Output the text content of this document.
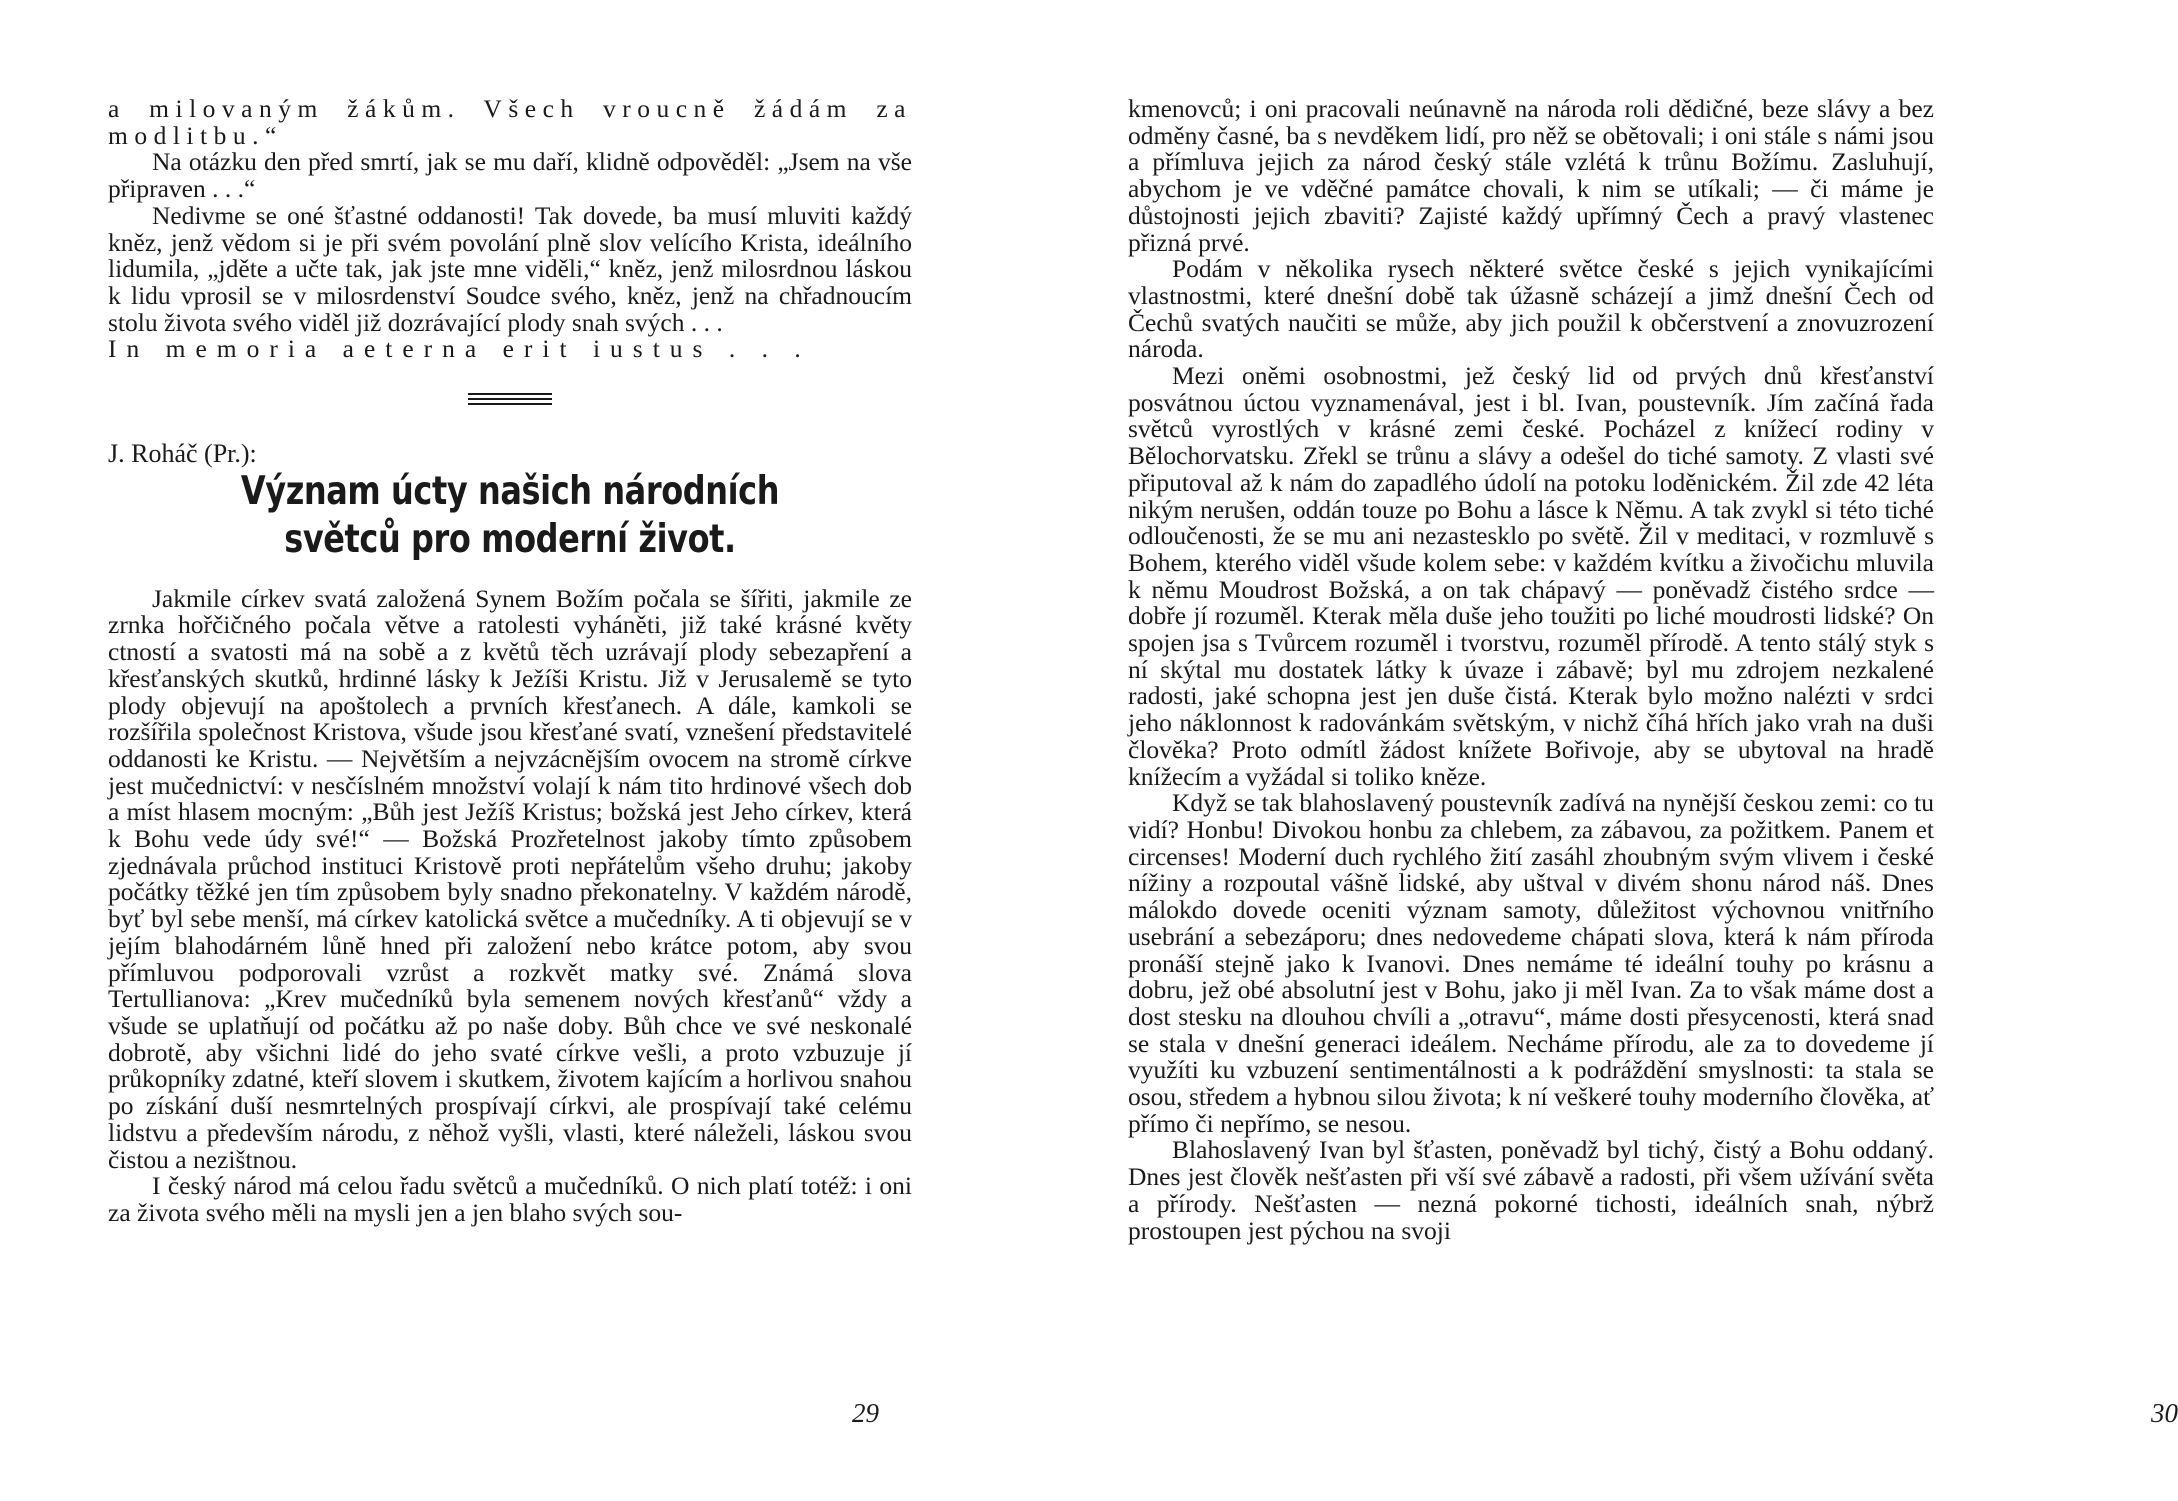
a milovaným žákům. Všech vroucně žádám za modlitbu.“

Na otázku den před smrtí, jak se mu daří, klidně odpověděl: „Jsem na vše připraven . . .“

Nedivme se oné šťastné oddanosti! Tak dovede, ba musí mluviti každý kněz, jenž vědom si je při svém povolání plně slov velícího Krista, ideálního lidumila, „jděte a učte tak, jak jste mne viděli,“ kněz, jenž milosrdnou láskou k lidu vprosil se v milosrdenství Soudce svého, kněz, jenž na chřadnoucím stolu života svého viděl již dozrávající plody snah svých . . .

In memoria aeterna erit iustus . . .

J. Roháč (Pr.):

Význam úcty našich národních světců pro moderní život.

Jakmile církev svatá založená Synem Božím počala se šířiti, jakmile ze zrnka hořčičného počala větve a ratolesti vyháněti, již také krásné květy ctností a svatosti má na sobě a z květů těch uzrávají plody sebezapření a křesťanských skutků, hrdinné lásky k Ježíši Kristu. Již v Jerusalemě se tyto plody objevují na apoštolech a prvních křesťanech. A dále, kamkoli se rozšířila společnost Kristova, všude jsou křesťané svatí, vznešení představitelé oddanosti ke Kristu. — Největším a nejvzácnějším ovocem na stromě církve jest mučednictví: v nesčíslném množství volají k nám tito hrdinové všech dob a míst hlasem mocným: „Bůh jest Ježíš Kristus; božská jest Jeho církev, která k Bohu vede údy své!“ — Božská Prozřetelnost jakoby tímto způsobem zjednávala průchod instituci Kristově proti nepřátelům všeho druhu; jakoby počátky těžké jen tím způsobem byly snadno překonatelny. V každém národě, byť byl sebe menší, má církev katolická světce a mučedníky. A ti objevují se v jejím blahodárném lůně hned při založení nebo krátce potom, aby svou přímluvou podporovali vzrůst a rozkvět matky své. Známá slova Tertullianova: „Krev mučedníků byla semenem nových křesťanů“ vždy a všude se uplatňují od počátku až po naše doby. Bůh chce ve své neskonalé dobrotě, aby všichni lidé do jeho svaté církve vešli, a proto vzbuzuje jí průkopníky zdatné, kteří slovem i skutkem, životem kajícím a horlivou snahou po získání duší nesmrtelných prospívají církvi, ale prospívají také celému lidstvu a především národu, z něhož vyšli, vlasti, které náleželi, láskou svou čistou a nezištnou.

I český národ má celou řadu světců a mučedníků. O nich platí totéž: i oni za života svého měli na mysli jen a jen blaho svých sou-

29

kmenovců; i oni pracovali neúnavně na národa roli dědičné, beze slávy a bez odměny časné, ba s nevděkem lidí, pro něž se obětovali; i oni stále s námi jsou a přímluva jejich za národ český stále vzlétá k trůnu Božímu. Zasluhují, abychom je ve vděčné památce chovali, k nim se utíkali; — či máme je důstojnosti jejich zbaviti? Zajisté každý upřímný Čech a pravý vlastenec přizná prvé.

Podám v několika rysech některé světce české s jejich vynikajícími vlastnostmi, které dnešní době tak úžasně scházejí a jimž dnešní Čech od Čechů svatých naučiti se může, aby jich použil k občerstvení a znovuzrození národa.

Mezi oněmi osobnostmi, jež český lid od prvých dnů křesťanství posvátnou úctou vyznamenával, jest i bl. Ivan, poustevník. Jím začíná řada světců vyrostlých v krásné zemi české. Pocházel z knížecí rodiny v Bělochorvatsku. Zřekl se trůnu a slávy a odešel do tiché samoty. Z vlasti své připutoval až k nám do zapadlého údolí na potoku loděnickém. Žil zde 42 léta nikým nerušen, oddán touze po Bohu a lásce k Němu. A tak zvykl si této tiché odloučenosti, že se mu ani nezastesklo po světě. Žil v meditaci, v rozmluvě s Bohem, kterého viděl všude kolem sebe: v každém kvítku a živočichu mluvila k němu Moudrost Božská, a on tak chápavý — poněvadž čistého srdce — dobře jí rozuměl. Kterak měla duše jeho toužiti po liché moudrosti lidské? On spojen jsa s Tvůrcem rozuměl i tvorstvu, rozuměl přírodě. A tento stálý styk s ní skýtal mu dostatek látky k úvaze i zábavě; byl mu zdrojem nezkalené radosti, jaké schopna jest jen duše čistá. Kterak bylo možno nalézti v srdci jeho náklonnost k radovánkám světským, v nichž číhá hřích jako vrah na duši člověka? Proto odmítl žádost knížete Bořivoje, aby se ubytoval na hradě knížecím a vyžádal si toliko kněze.

Když se tak blahoslavený poustevník zadívá na nynější českou zemi: co tu vidí? Honbu! Divokou honbu za chlebem, za zábavou, za požitkem. Panem et circenses! Moderní duch rychlého žití zasáhl zhoubným svým vlivem i české nížiny a rozpoutal vášně lidské, aby uštval v divém shonu národ náš. Dnes málokdo dovede oceniti význam samoty, důležitost výchovnou vnitřního usebrání a sebezáporu; dnes nedovedeme chápati slova, která k nám příroda pronáší stejně jako k Ivanovi. Dnes nemáme té ideální touhy po krásnu a dobru, jež obé absolutní jest v Bohu, jako ji měl Ivan. Za to však máme dost a dost stesku na dlouhou chvíli a „otravu“, máme dosti přesycenosti, která snad se stala v dnešní generaci ideálem. Necháme přírodu, ale za to dovedeme jí využíti ku vzbuzení sentimentálnosti a k podráždění smyslnosti: ta stala se osou, středem a hybnou silou života; k ní veškeré touhy moderního člověka, ať přímo či nepřímo, se nesou.

Blahoslavený Ivan byl šťasten, poněvadž byl tichý, čistý a Bohu oddaný. Dnes jest člověk nešťasten při vší své zábavě a radosti, při všem užívání světa a přírody. Nešťasten — nezná pokorné tichosti, ideálních snah, nýbrž prostoupen jest pýchou na svoji

30
